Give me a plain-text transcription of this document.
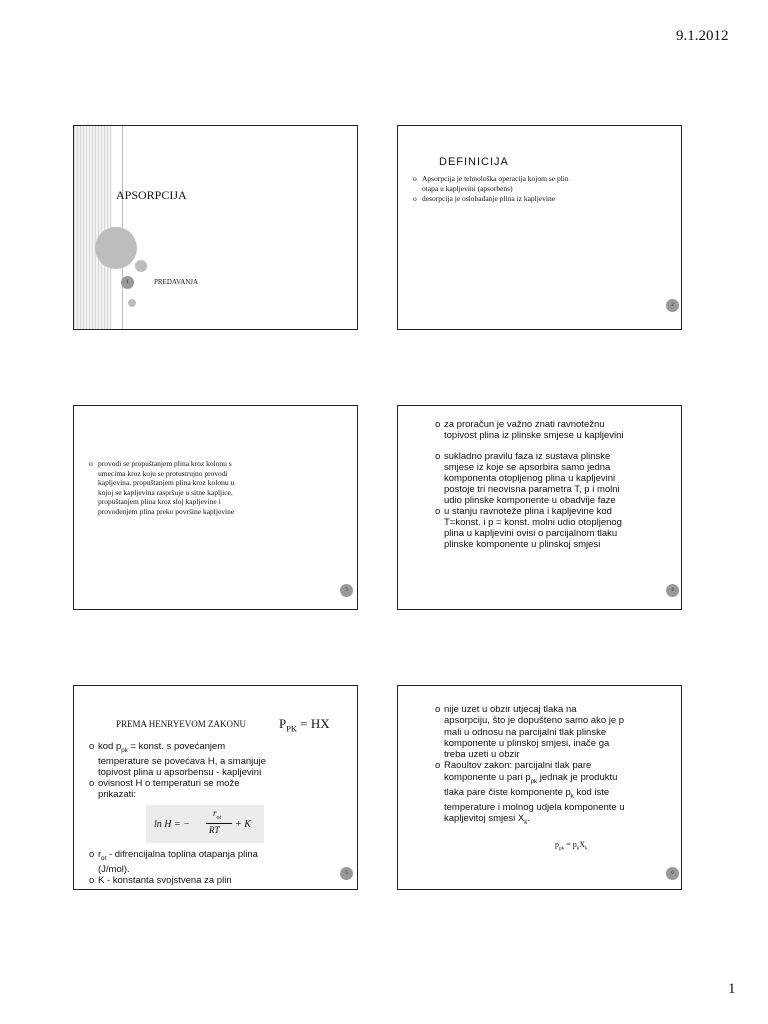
9.1.2012
1
APSORPCIJA
PREDAVANJA
DEFINICIJA
o Apsorpcija je tehnološka operacija kojom se plin
otapa u kapljevini (apsorbens)
o desorpcija je oslobađanje plina iz kapljevine
2
o provodi se propuštanjem plina kroz kolonu s
umecima kroz koju se protustrujno provodi
kapljevina, propuštanjem plina kroz kolonu u
kojoj se kapljevina raspršuje u sitne kapljice,
propuštanjem plina kroz sloj kapljevine i
provođenjem plina preko površine kapljevine
3
o za proračun je važno znati ravnotežnu
topivost plina iz plinske smjese u kapljevini
o sukladno pravilu faza iz sustava plinske
smjese iz koje se apsorbira samo jedna
komponenta otopljenog plina u kapljevini
postoje tri neovisna parametra T, p i molni
udio plinske komponente u obadvije faze
o u stanju ravnoteže plina i kapljevine kod
T=konst. i p = konst. molni udio otopljenog
plina u kapljevini ovisi o parcijalnom tlaku
plinske komponente u plinskoj smjesi
4
PREMA HENRYEVOM ZAKONU	$P_{PK}$ = HX
o kod $p_{pk}$ = konst. s povećanjem
temperature se povećava H, a smanjuje
topivost plina u apsorbensu - kapljevini
o ovisnost H o temperaturi se može
prikazati:
ln H = −
$r_{ot}$
RT + K
o $r_{ot}$ - difrencijalna toplina otapanja plina
(J/mol).
o K - konstanta svojstvena za plin
5
o nije uzet u obzir utjecaj tlaka na
apsorpciju, što je dopušteno samo ako je p
mali u odnosu na parcijalni tlak plinske
komponente u plinskoj smjesi, inače ga
treba uzeti u obzir
o Raoultov zakon: parcijalni tlak pare
komponente u pari $p_{pk}$ jednak je produktu
tlaka pare čiste komponente $p_k$ kod iste
temperature i molnog udjela komponente u
kapljevitoj smjesi $X_k$.
$p_{pk} = p_kX_k$
6
1
